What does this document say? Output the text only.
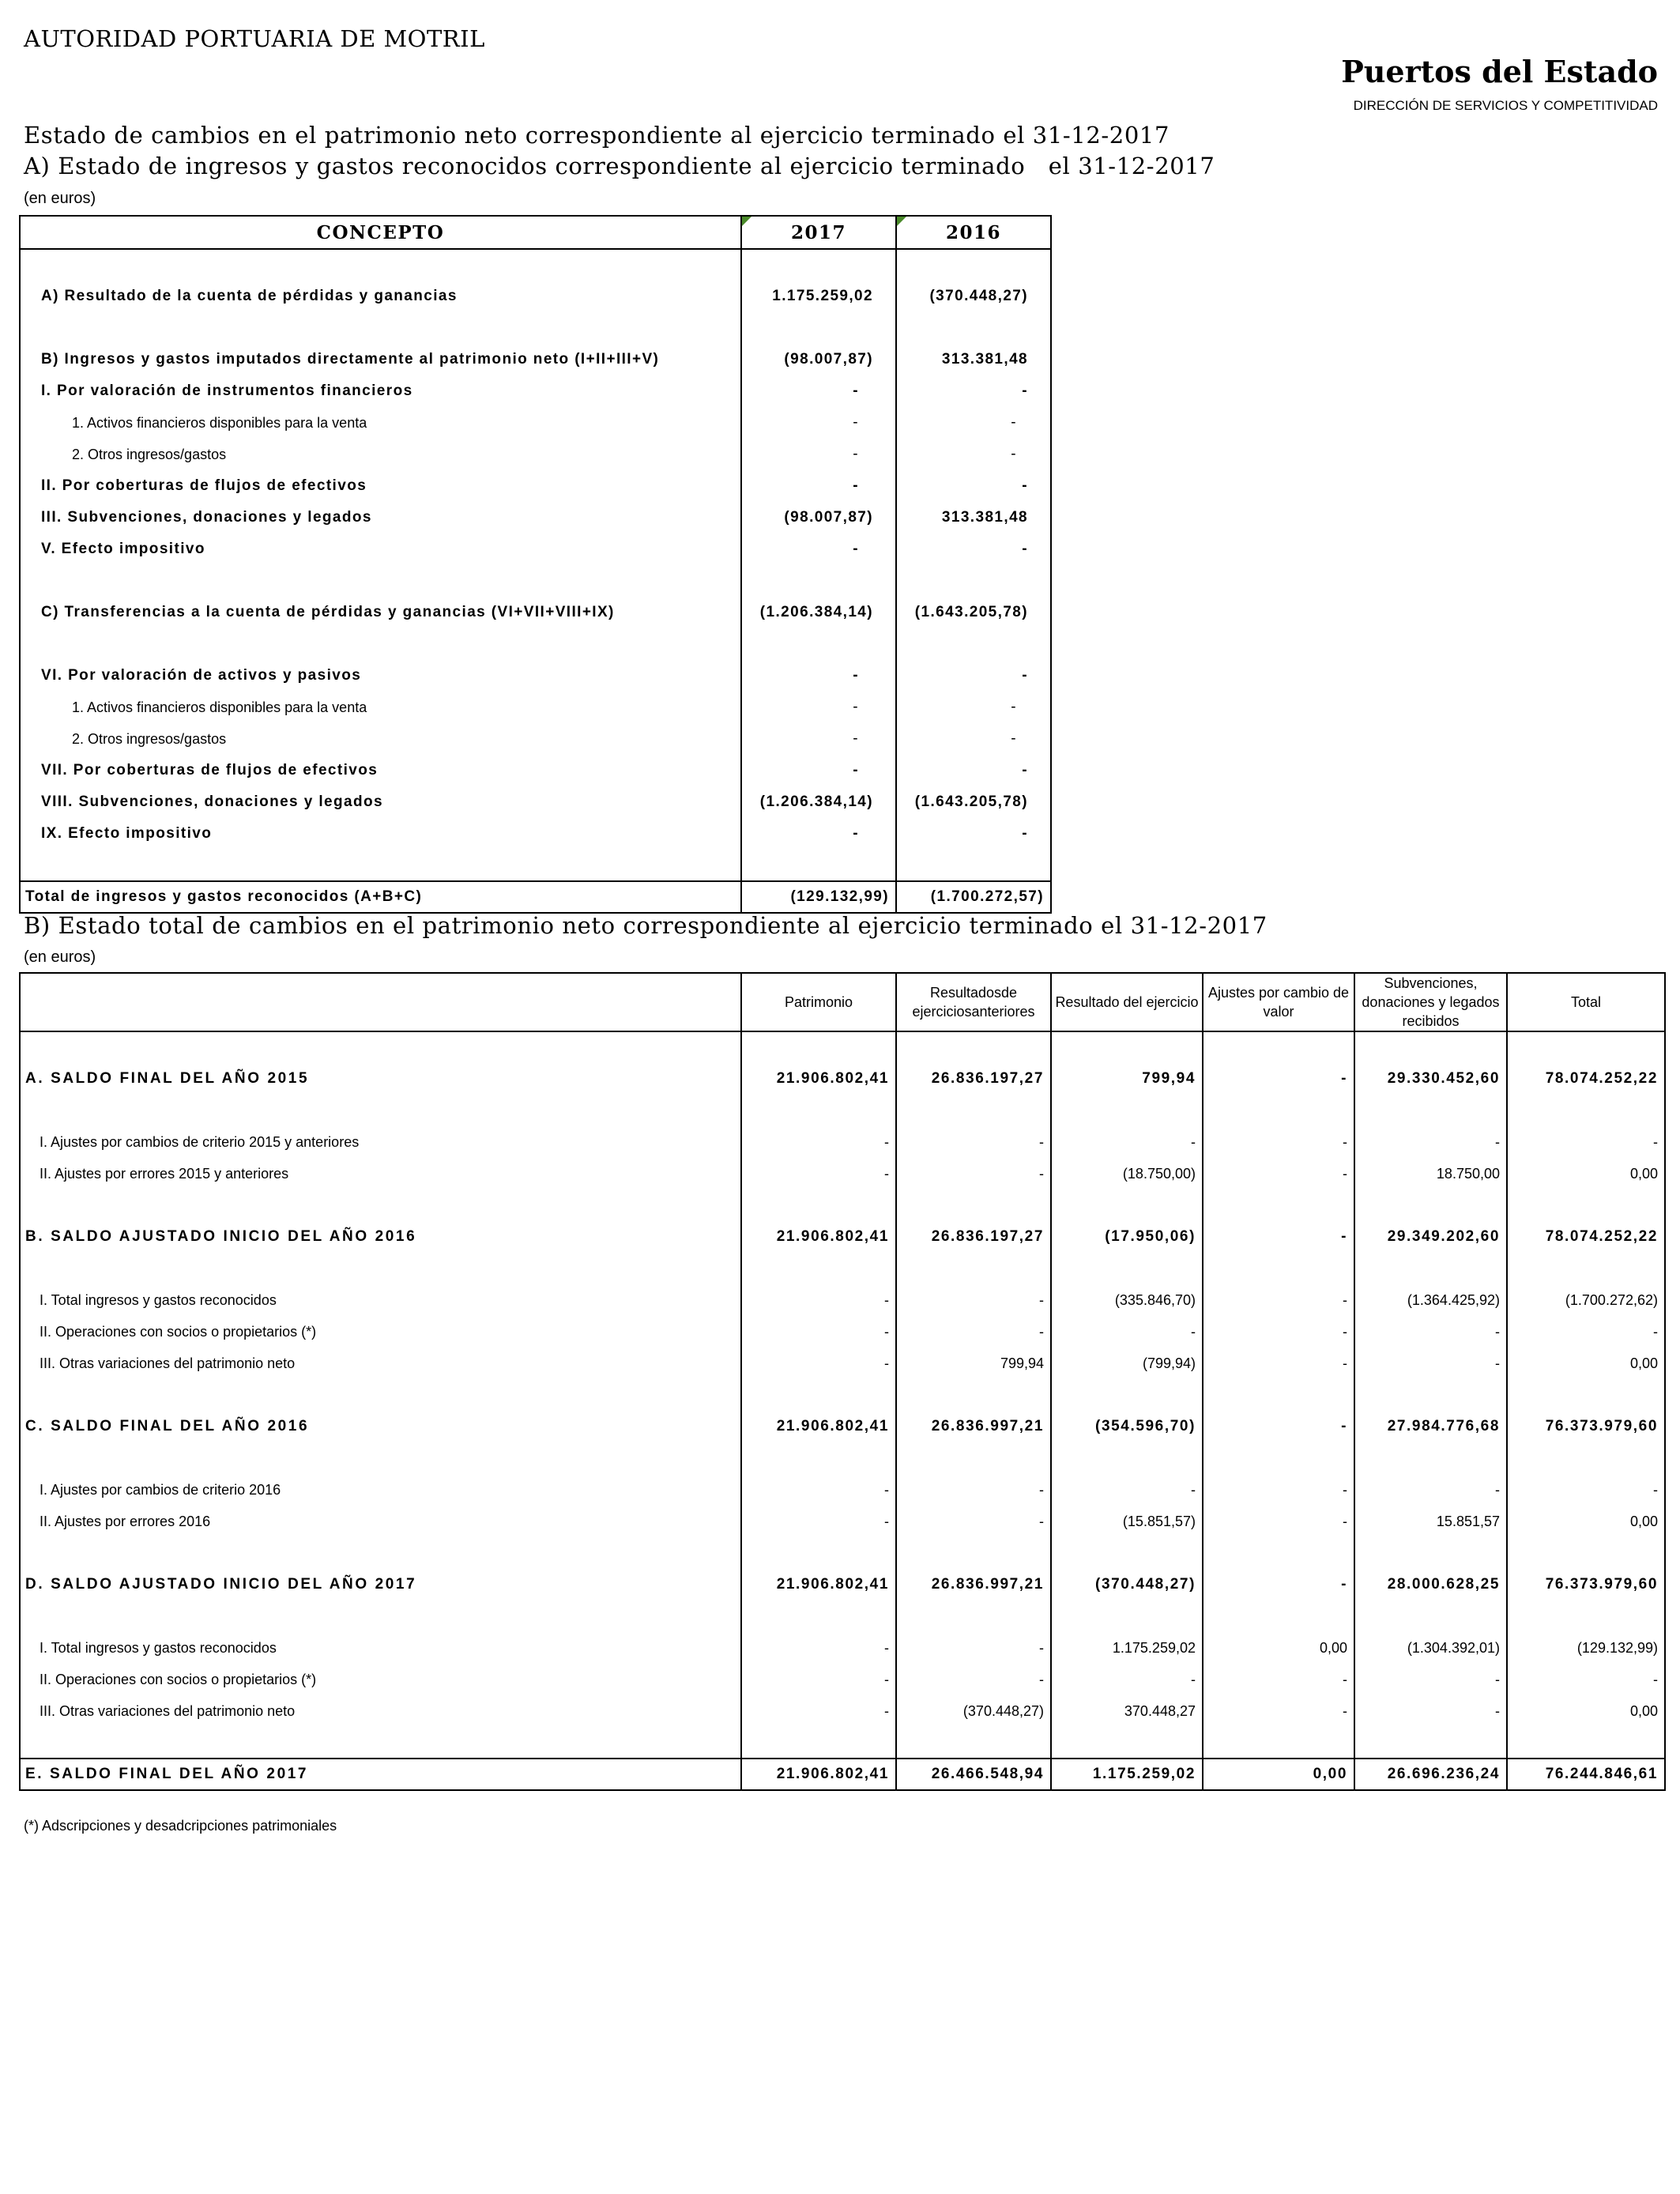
AUTORIDAD PORTUARIA DE MOTRIL
Puertos del Estado
DIRECCIÓN DE SERVICIOS Y COMPETITIVIDAD
Estado de cambios en el patrimonio neto correspondiente al ejercicio terminado el 31-12-2017
A) Estado de ingresos y gastos reconocidos correspondiente al ejercicio terminado   el 31-12-2017
(en euros)
CONCEPTO	2017	2016

A) Resultado de la cuenta de pérdidas y ganancias	1.175.259,02	(370.448,27)

B) Ingresos y gastos imputados directamente al patrimonio neto (I+II+III+V)	(98.007,87)	313.381,48
I. Por valoración de instrumentos financieros	-	-
1. Activos financieros disponibles para la venta	-	-
2. Otros ingresos/gastos	-	-
II. Por coberturas de flujos de efectivos	-	-
III. Subvenciones, donaciones y legados	(98.007,87)	313.381,48
V. Efecto impositivo	-	-

C) Transferencias a la cuenta de pérdidas y ganancias (VI+VII+VIII+IX)	(1.206.384,14)	(1.643.205,78)

VI. Por valoración de activos y pasivos	-	-
1. Activos financieros disponibles para la venta	-	-
2. Otros ingresos/gastos	-	-
VII. Por coberturas de flujos de efectivos	-	-
VIII. Subvenciones, donaciones y legados	(1.206.384,14)	(1.643.205,78)
IX. Efecto impositivo	-	-

Total de ingresos y gastos reconocidos (A+B+C)	(129.132,99)	(1.700.272,57)
B) Estado total de cambios en el patrimonio neto correspondiente al ejercicio terminado el 31-12-2017
(en euros)
	Patrimonio	Resultadosde ejerciciosanteriores	Resultado del ejercicio	Ajustes por cambio de valor	Subvenciones, donaciones y legados recibidos	Total

A. SALDO FINAL DEL AÑO 2015	21.906.802,41	26.836.197,27	799,94	-	29.330.452,60	78.074.252,22

I. Ajustes por cambios de criterio 2015 y anteriores	-	-	-	-	-	-
II. Ajustes por errores 2015 y anteriores	-	-	(18.750,00)	-	18.750,00	0,00

B. SALDO AJUSTADO INICIO DEL AÑO 2016	21.906.802,41	26.836.197,27	(17.950,06)	-	29.349.202,60	78.074.252,22

I. Total ingresos y gastos reconocidos	-	-	(335.846,70)	-	(1.364.425,92)	(1.700.272,62)
II. Operaciones con socios o propietarios (*)	-	-	-	-	-	-
III. Otras variaciones del patrimonio neto	-	799,94	(799,94)	-	-	0,00

C. SALDO FINAL DEL AÑO 2016	21.906.802,41	26.836.997,21	(354.596,70)	-	27.984.776,68	76.373.979,60

I. Ajustes por cambios de criterio 2016	-	-	-	-	-	-
II. Ajustes por errores 2016	-	-	(15.851,57)	-	15.851,57	0,00

D. SALDO AJUSTADO INICIO DEL AÑO 2017	21.906.802,41	26.836.997,21	(370.448,27)	-	28.000.628,25	76.373.979,60

I. Total ingresos y gastos reconocidos	-	-	1.175.259,02	0,00	(1.304.392,01)	(129.132,99)
II. Operaciones con socios o propietarios (*)	-	-	-	-	-	-
III. Otras variaciones del patrimonio neto	-	(370.448,27)	370.448,27	-	-	0,00

E. SALDO FINAL DEL AÑO 2017	21.906.802,41	26.466.548,94	1.175.259,02	0,00	26.696.236,24	76.244.846,61
(*) Adscripciones y desadcripciones patrimoniales
